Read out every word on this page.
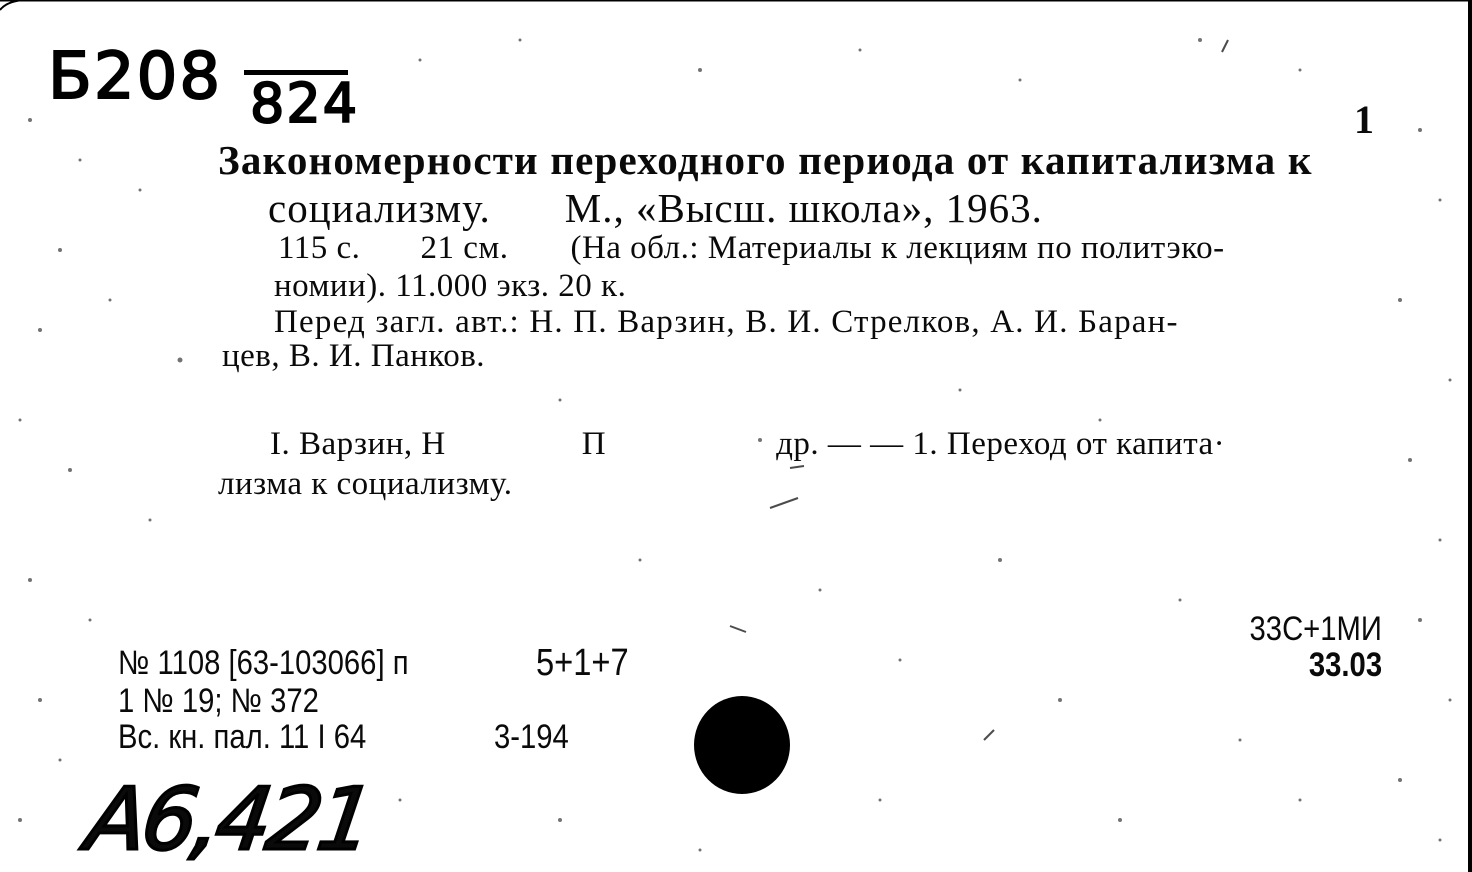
Б208 824	1
Закономерности переходного периода от капитализма к
социализму. М., «Высш. школа», 1963.
115 с. 21 см. (На обл.: Материалы к лекциям по политэко-
номии). 11.000 экз. 20 к.
Перед загл. авт.: Н. П. Варзин, В. И. Стрелков, А. И. Баран-
цев, В. И. Панков.
I. Варзин, Н	П	др. — — 1. Переход от капита·
лизма к социализму.
№ 1108 [63-103066] п	5+1+7
1 № 19; № 372
Вс. кн. пал. 11 I 64	3-194
33С+1МИ
33.03
А6,421
